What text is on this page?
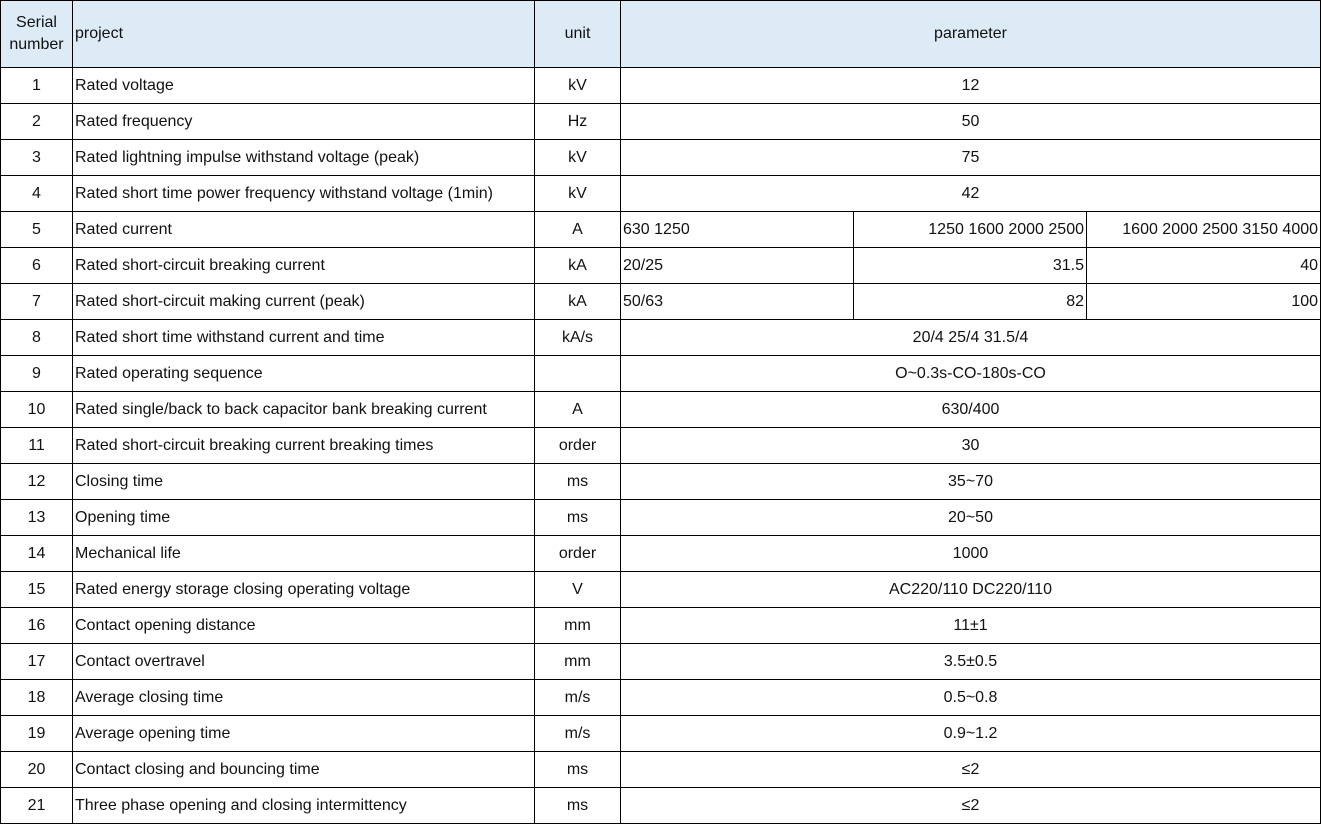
Serial
number	project	unit	parameter		
1	Rated voltage	kV	12		
2	Rated frequency	Hz	50		
3	Rated lightning impulse withstand voltage (peak)	kV	75		
4	Rated short time power frequency withstand voltage (1min)	kV	42		
5	Rated current	A	630 1250	1250 1600 2000 2500	1600 2000 2500 3150 4000
6	Rated short-circuit breaking current	kA	20/25	31.5	40
7	Rated short-circuit making current (peak)	kA	50/63	82	100
8	Rated short time withstand current and time	kA/s	20/4 25/4 31.5/4		
9	Rated operating sequence		O~0.3s-CO-180s-CO		
10	Rated single/back to back capacitor bank breaking current	A	630/400		
11	Rated short-circuit breaking current breaking times	order	30		
12	Closing time	ms	35~70		
13	Opening time	ms	20~50		
14	Mechanical life	order	1000		
15	Rated energy storage closing operating voltage	V	AC220/110 DC220/110		
16	Contact opening distance	mm	11±1		
17	Contact overtravel	mm	3.5±0.5		
18	Average closing time	m/s	0.5~0.8		
19	Average opening time	m/s	0.9~1.2		
20	Contact closing and bouncing time	ms	≤2		
21	Three phase opening and closing intermittency	ms	≤2		
